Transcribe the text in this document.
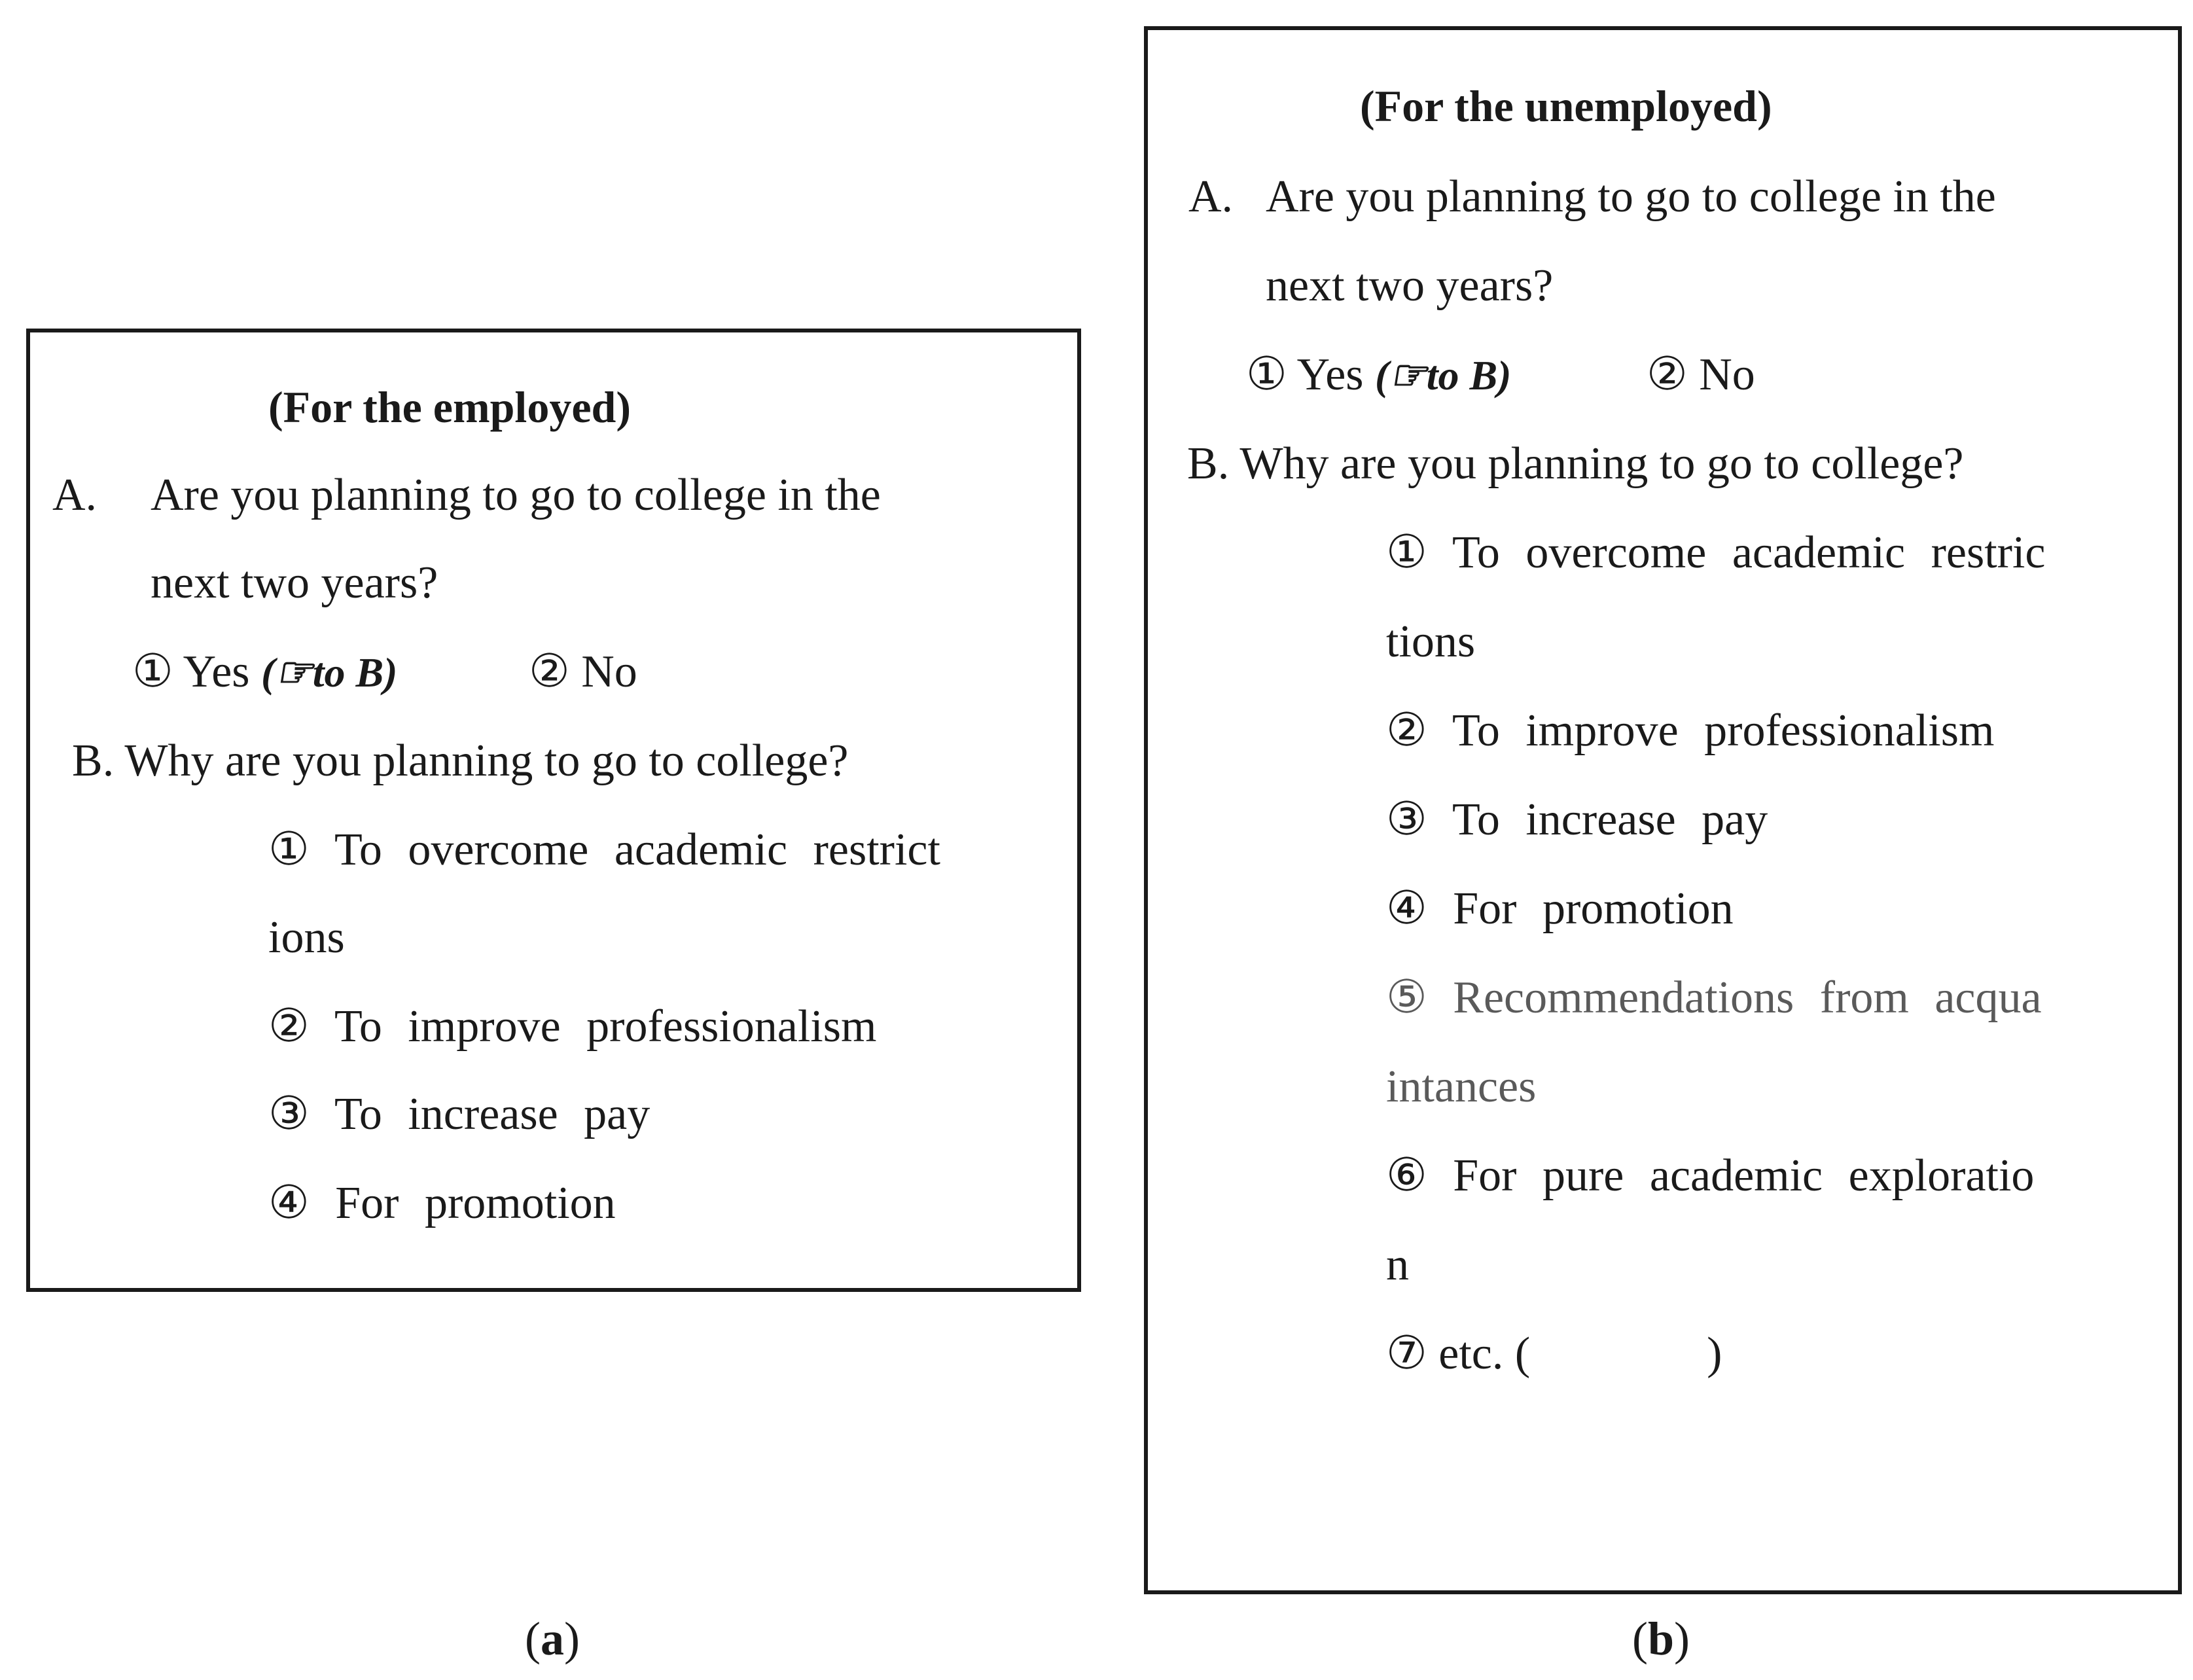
(For the employed)
A. Are you planning to go to college in the
next two years?
① Yes (☞to B)	② No
B. Why are you planning to go to college?
① To overcome academic restrict
ions
② To improve professionalism
③ To increase pay
④ For promotion
(For the unemployed)
A. Are you planning to go to college in the
next two years?
① Yes (☞to B)	② No
B. Why are you planning to go to college?
① To overcome academic restric
tions
② To improve professionalism
③ To increase pay
④ For promotion
⑤ Recommendations from acqua
intances
⑥ For pure academic exploratio
n
⑦ etc. (	)
(a)	(b)
